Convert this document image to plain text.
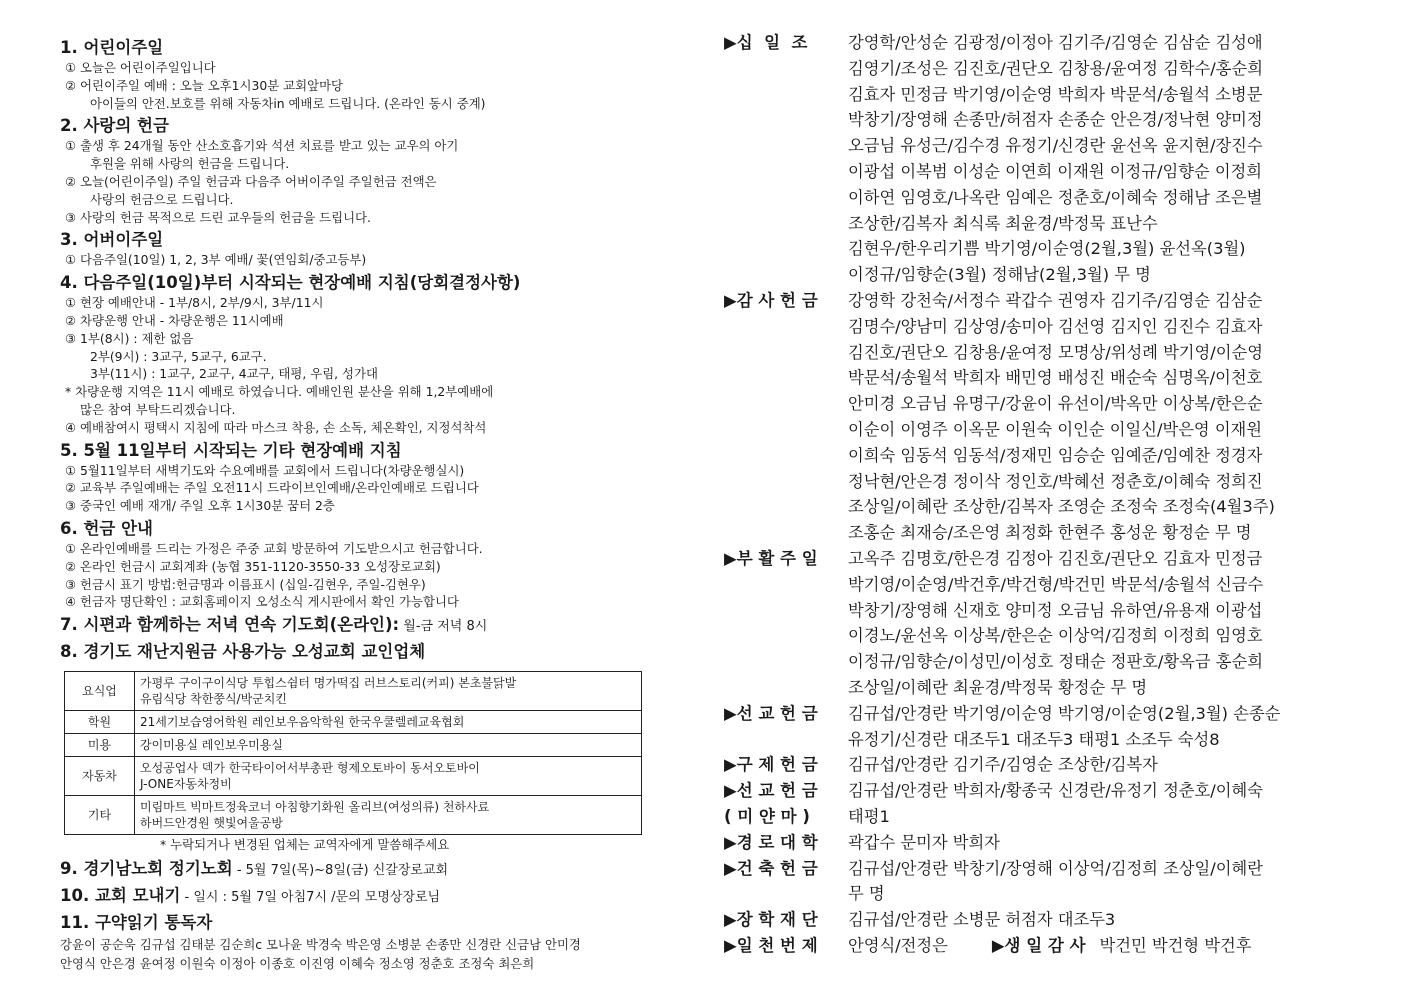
1. 어린이주일
① 오늘은 어린이주일입니다
② 어린이주일 예배 : 오늘 오후1시30분 교회앞마당
아이들의 안전.보호를 위해 자동차in 예배로 드립니다. (온라인 동시 중계)
2. 사랑의 헌금
① 출생 후 24개월 동안 산소호흡기와 석션 치료를 받고 있는 교우의 아기
후원을 위해 사랑의 헌금을 드립니다.
② 오늘(어린이주일) 주일 헌금과 다음주 어버이주일 주일헌금 전액은
사랑의 헌금으로 드립니다.
③ 사랑의 헌금 목적으로 드린 교우들의 헌금을 드립니다.
3. 어버이주일
① 다음주일(10일) 1, 2, 3부 예배/ 꽃(연임회/중고등부)
4. 다음주일(10일)부터 시작되는 현장예배 지침(당회결정사항)
① 현장 예배안내 - 1부/8시, 2부/9시, 3부/11시
② 차량운행 안내 - 차량운행은 11시예배
③ 1부(8시) : 제한 없음
2부(9시) : 3교구, 5교구, 6교구.
3부(11시) : 1교구, 2교구, 4교구, 태평, 우림, 성가대
* 차량운행 지역은 11시 예배로 하였습니다. 예배인원 분산을 위해 1,2부예배에
많은 참여 부탁드리겠습니다.
④ 예배참여시 평택시 지침에 따라 마스크 착용, 손 소독, 체온확인, 지정석착석
5. 5월 11일부터 시작되는 기타 현장예배 지침
① 5월11일부터 새벽기도와 수요예배를 교회에서 드립니다(차량운행실시)
② 교육부 주일예배는 주일 오전11시 드라이브인예배/온라인예배로 드립니다
③ 중국인 예배 재개/ 주일 오후 1시30분 꿈터 2층
6. 헌금 안내
① 온라인예배를 드리는 가정은 주중 교회 방문하여 기도받으시고 헌금합니다.
② 온라인 헌금시 교회계좌 (농협 351-1120-3550-33 오성장로교회)
③ 헌금시 표기 방법:헌금명과 이름표시 (십일-김현우, 주일-김현우)
④ 헌금자 명단확인 : 교회홈페이지 오성소식 게시판에서 확인 가능합니다
7. 시편과 함께하는 저녁 연속 기도회(온라인): 월-금 저녁 8시
8. 경기도 재난지원금 사용가능 오성교회 교인업체
요식업	가평루 구이구이식당 투힙스쉼터 명가떡집 러브스토리(커피) 본초불닭발
유림식당 착한쭝식/박군치킨

학원	21세기보습영어학원 레인보우음악학원 한국우쿨렐레교육협회

미용	강이미용실 레인보우미용실

자동차	오성공업사 덱가 한국타이어서부총판 형제오토바이 동서오토바이
J-ONE자동차정비

기타	미림마트 빅마트정육코너 아침향기화원 올리브(여성의류) 천하사료
하버드안경원 햇빛여울공방
* 누락되거나 변경된 업체는 교역자에게 말씀해주세요
9. 경기남노회 정기노회 - 5월 7일(목)~8일(금) 신갈장로교회
10. 교회 모내기 - 일시 : 5월 7일 아침7시 /문의 모명상장로님
11. 구약읽기 통독자
강윤이 공순욱 김규섭 김태분 김순희c 모나윤 박경숙 박은영 소병분 손종만 신경란 신금남 안미경
안영식 안은경 윤여정 이원숙 이정아 이종호 이진영 이혜숙 정소영 정춘호 조정숙 최은희
▶십  일  조	강영학/안성순 김광정/이정아 김기주/김영순 김삼순 김성애
김영기/조성은 김진호/권단오 김창용/윤여정 김학수/홍순희
김효자 민정금 박기영/이순영 박희자 박문석/송월석 소병문
박창기/장영해 손종만/허점자 손종순 안은경/정낙현 양미정
오금님 유성근/김수경 유정기/신경란 윤선옥 윤지현/장진수
이광섭 이복범 이성순 이연희 이재원 이정규/임향순 이정희
이하연 임영호/나옥란 임예은 정춘호/이혜숙 정해남 조은별
조상한/김복자 최식록 최윤경/박정묵 표난수
김현우/한우리기쁨 박기영/이순영(2월,3월) 윤선옥(3월)
이정규/임향순(3월) 정해남(2월,3월) 무 명
▶감 사 헌 금	강영학 강천숙/서정수 곽갑수 권영자 김기주/김영순 김삼순
김명수/양남미 김상영/송미아 김선영 김지인 김진수 김효자
김진호/권단오 김창용/윤여정 모명상/위성례 박기영/이순영
박문석/송월석 박희자 배민영 배성진 배순숙 심명옥/이천호
안미경 오금님 유명구/강윤이 유선이/박옥만 이상복/한은순
이순이 이영주 이옥문 이원숙 이인순 이일신/박은영 이재원
이희숙 임동석 임동석/정재민 임승순 임예준/임예찬 정경자
정낙현/안은경 정이삭 정인호/박혜선 정춘호/이혜숙 정희진
조상일/이혜란 조상한/김복자 조영순 조정숙 조정숙(4월3주)
조홍순 최재승/조은영 최정화 한현주 홍성운 황정순 무 명
▶부 활 주 일	고옥주 김명호/한은경 김정아 김진호/권단오 김효자 민정금
박기영/이순영/박건후/박건형/박건민 박문석/송월석 신금수
박창기/장영해 신재호 양미정 오금님 유하연/유용재 이광섭
이경노/윤선옥 이상복/한은순 이상억/김정희 이정희 임영호
이정규/임향순/이성민/이성호 정태순 정판호/황옥금 홍순희
조상일/이혜란 최윤경/박정묵 황정순 무 명
▶선 교 헌 금	김규섭/안경란 박기영/이순영 박기영/이순영(2월,3월) 손종순
유정기/신경란 대조두1 대조두3 태평1 소조두 숙성8
▶구 제 헌 금	김규섭/안경란 김기주/김영순 조상한/김복자
▶선 교 헌 금
( 미 얀 마 )
김규섭/안경란 박희자/황종국 신경란/유정기 정춘호/이혜숙
태평1
▶경 로 대 학	곽갑수 문미자 박희자
▶건 축 헌 금	김규섭/안경란 박창기/장영해 이상억/김정희 조상일/이혜란
무 명
▶장 학 재 단	김규섭/안경란 소병문 허점자 대조두3
▶일 천 번 제	안영식/전정은	▶생 일 감 사 박건민 박건형 박건후
